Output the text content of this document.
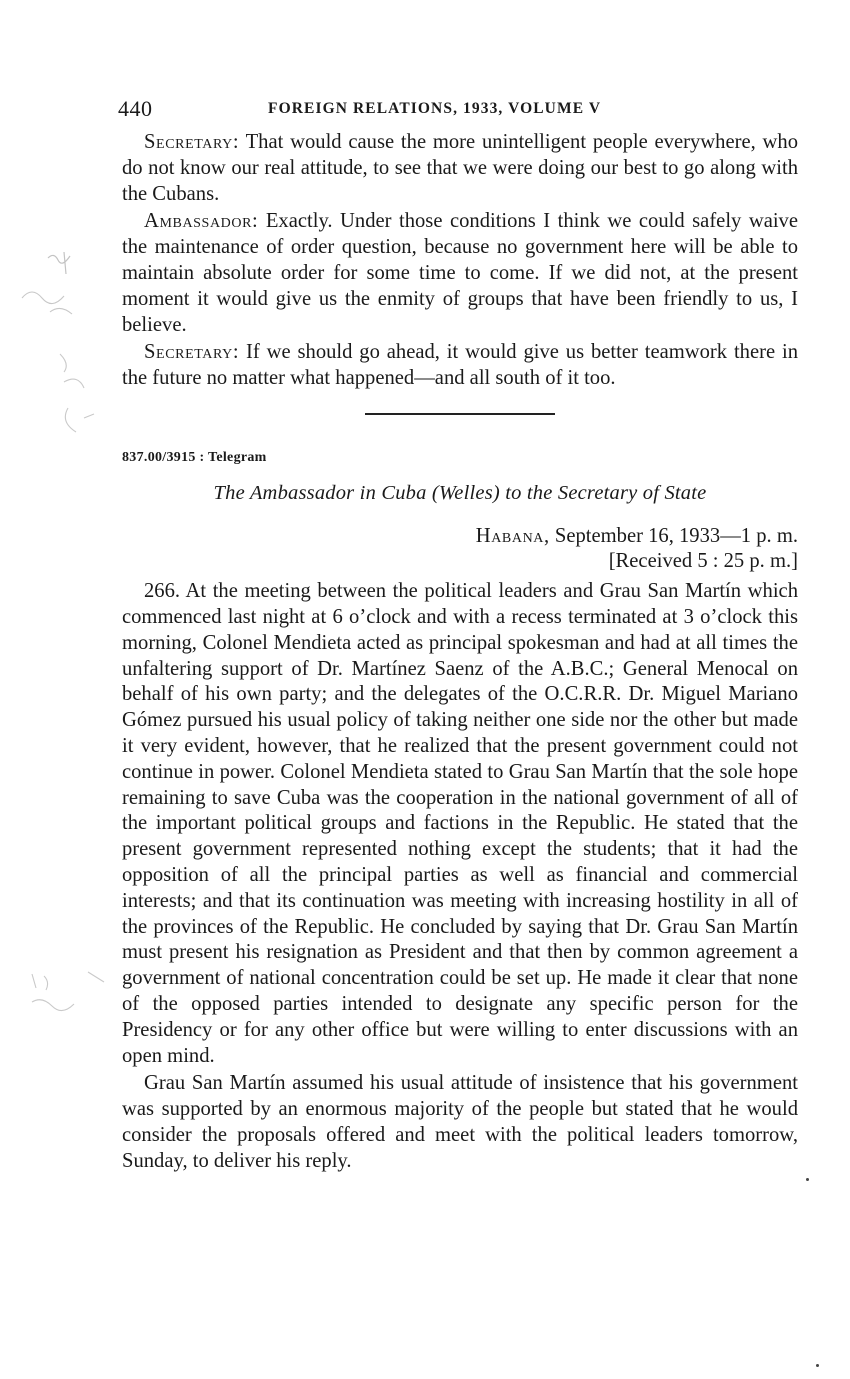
440	FOREIGN RELATIONS, 1933, VOLUME V

Secretary: That would cause the more unintelligent people everywhere, who do not know our real attitude, to see that we were doing our best to go along with the Cubans.

Ambassador: Exactly. Under those conditions I think we could safely waive the maintenance of order question, because no government here will be able to maintain absolute order for some time to come. If we did not, at the present moment it would give us the enmity of groups that have been friendly to us, I believe.

Secretary: If we should go ahead, it would give us better teamwork there in the future no matter what happened—and all south of it too.

837.00/3915 : Telegram

The Ambassador in Cuba (Welles) to the Secretary of State

Habana, September 16, 1933—1 p. m.

[Received 5 : 25 p. m.]

266. At the meeting between the political leaders and Grau San Martín which commenced last night at 6 o’clock and with a recess terminated at 3 o’clock this morning, Colonel Mendieta acted as principal spokesman and had at all times the unfaltering support of Dr. Martínez Saenz of the A.B.C.; General Menocal on behalf of his own party; and the delegates of the O.C.R.R. Dr. Miguel Mariano Gómez pursued his usual policy of taking neither one side nor the other but made it very evident, however, that he realized that the present government could not continue in power. Colonel Mendieta stated to Grau San Martín that the sole hope remaining to save Cuba was the cooperation in the national government of all of the important political groups and factions in the Republic. He stated that the present government represented nothing except the students; that it had the opposition of all the principal parties as well as financial and commercial interests; and that its continuation was meeting with increasing hostility in all of the provinces of the Republic. He concluded by saying that Dr. Grau San Martín must present his resignation as President and that then by common agreement a government of national concentration could be set up. He made it clear that none of the opposed parties intended to designate any specific person for the Presidency or for any other office but were willing to enter discussions with an open mind.

Grau San Martín assumed his usual attitude of insistence that his government was supported by an enormous majority of the people but stated that he would consider the proposals offered and meet with the political leaders tomorrow, Sunday, to deliver his reply.
